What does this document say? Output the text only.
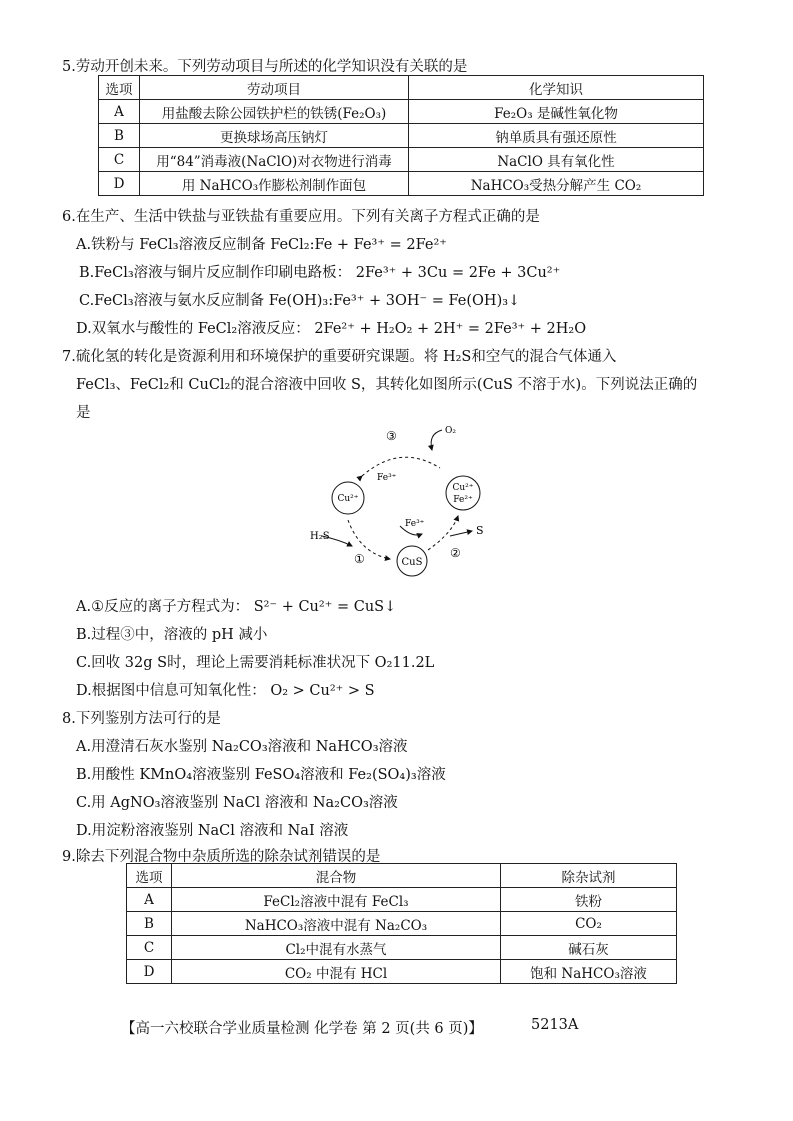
5.劳动开创未来。下列劳动项目与所述的化学知识没有关联的是
选项	劳动项目	化学知识
A	用盐酸去除公园铁护栏的铁锈(Fe₂O₃)	Fe₂O₃ 是碱性氧化物
B	更换球场高压钠灯	钠单质具有强还原性
C	用“84”消毒液(NaClO)对衣物进行消毒	NaClO 具有氧化性
D	用 NaHCO₃作膨松剂制作面包	NaHCO₃受热分解产生 CO₂
6.在生产、生活中铁盐与亚铁盐有重要应用。下列有关离子方程式正确的是
A.铁粉与 FeCl₃溶液反应制备 FeCl₂:Fe + Fe³⁺ = 2Fe²⁺
B.FeCl₃溶液与铜片反应制作印刷电路板： 2Fe³⁺ + 3Cu = 2Fe + 3Cu²⁺
C.FeCl₃溶液与氨水反应制备 Fe(OH)₃:Fe³⁺ + 3OH⁻ = Fe(OH)₃↓
D.双氧水与酸性的 FeCl₂溶液反应： 2Fe²⁺ + H₂O₂ + 2H⁺ = 2Fe³⁺ + 2H₂O
7.硫化氢的转化是资源利用和环境保护的重要研究课题。将 H₂S和空气的混合气体通入
FeCl₃、FeCl₂和 CuCl₂的混合溶液中回收 S，其转化如图所示(CuS 不溶于水)。下列说法正确的
是
O₂
③
Fe³⁺
Cu²⁺
Cu²⁺
Fe²⁺
Fe³⁺	S
H₂S
①	②
CuS
A.①反应的离子方程式为： S²⁻ + Cu²⁺ = CuS↓
B.过程③中，溶液的 pH 减小
C.回收 32g S时，理论上需要消耗标准状况下 O₂11.2L
D.根据图中信息可知氧化性： O₂ > Cu²⁺ > S
8.下列鉴别方法可行的是
A.用澄清石灰水鉴别 Na₂CO₃溶液和 NaHCO₃溶液
B.用酸性 KMnO₄溶液鉴别 FeSO₄溶液和 Fe₂(SO₄)₃溶液
C.用 AgNO₃溶液鉴别 NaCl 溶液和 Na₂CO₃溶液
D.用淀粉溶液鉴别 NaCl 溶液和 NaI 溶液
9.除去下列混合物中杂质所选的除杂试剂错误的是
选项	混合物	除杂试剂
A	FeCl₂溶液中混有 FeCl₃	铁粉
B	NaHCO₃溶液中混有 Na₂CO₃	CO₂
C	Cl₂中混有水蒸气	碱石灰
D	CO₂ 中混有 HCl	饱和 NaHCO₃溶液
【高一六校联合学业质量检测 化学卷 第 2 页(共 6 页)】	5213A
